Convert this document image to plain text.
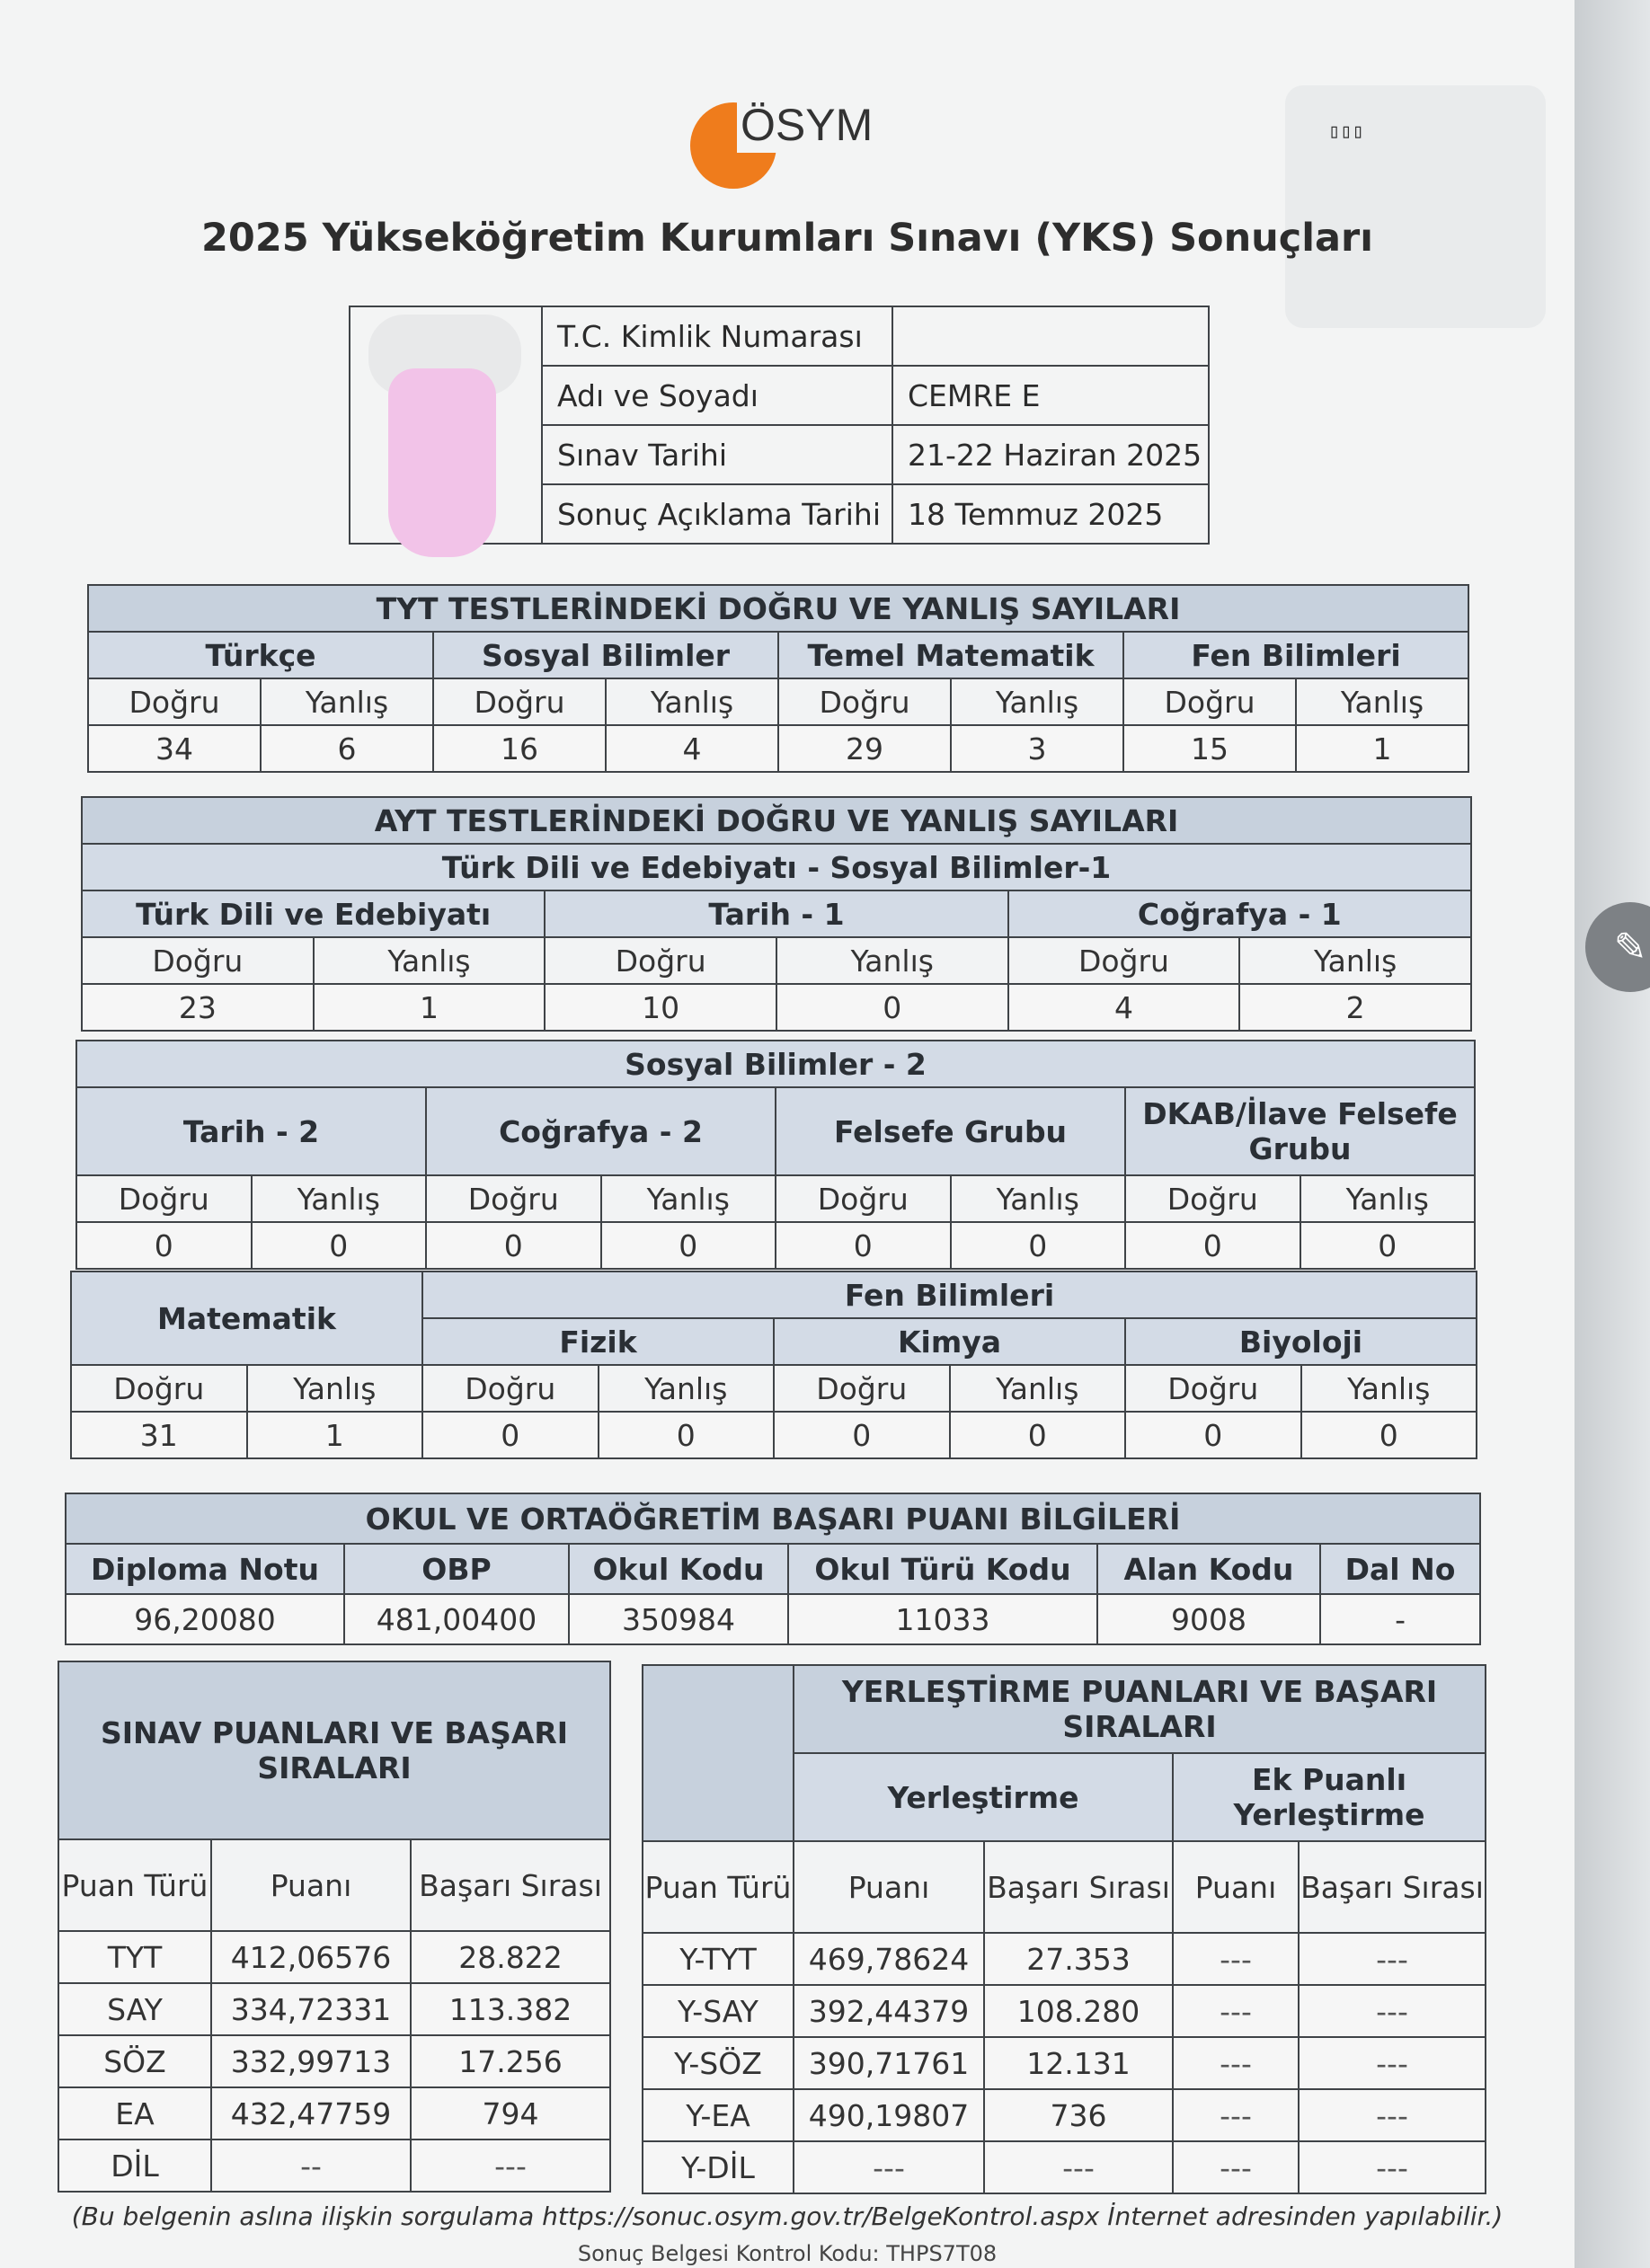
ÖSYM	▯▯▯
2025 Yükseköğretim Kurumları Sınavı (YKS) Sonuçları
	T.C. Kimlik Numarası	
	Adı ve Soyadı	CEMRE E
	Sınav Tarihi	21-22 Haziran 2025
	Sonuç Açıklama Tarihi	18 Temmuz 2025
TYT TESTLERİNDEKİ DOĞRU VE YANLIŞ SAYILARI							
Türkçe		Sosyal Bilimler		Temel Matematik		Fen Bilimleri	
Doğru	Yanlış	Doğru	Yanlış	Doğru	Yanlış	Doğru	Yanlış
34	6	16	4	29	3	15	1
AYT TESTLERİNDEKİ DOĞRU VE YANLIŞ SAYILARI					
Türk Dili ve Edebiyatı - Sosyal Bilimler-1					
Türk Dili ve Edebiyatı		Tarih - 1		Coğrafya - 1	
Doğru	Yanlış	Doğru	Yanlış	Doğru	Yanlış
23	1	10	0	4	2
Sosyal Bilimler - 2							
Tarih - 2		Coğrafya - 2		Felsefe Grubu		DKAB/İlave Felsefe Grubu	
Doğru	Yanlış	Doğru	Yanlış	Doğru	Yanlış	Doğru	Yanlış
0	0	0	0	0	0	0	0
Matematik		Fen Bilimleri					
		Fizik		Kimya		Biyoloji	
Doğru	Yanlış	Doğru	Yanlış	Doğru	Yanlış	Doğru	Yanlış
31	1	0	0	0	0	0	0
OKUL VE ORTAÖĞRETİM BAŞARI PUANI BİLGİLERİ					
Diploma Notu	OBP	Okul Kodu	Okul Türü Kodu	Alan Kodu	Dal No
96,20080	481,00400	350984	11033	9008	-
SINAV PUANLARI VE BAŞARI SIRALARI		
Puan Türü	Puanı	Başarı Sırası
TYT	412,06576	28.822
SAY	334,72331	113.382
SÖZ	332,99713	17.256
EA	432,47759	794
DİL	--	---
	YERLEŞTİRME PUANLARI VE BAŞARI SIRALARI			
	Yerleştirme		Ek Puanlı Yerleştirme	
Puan Türü	Puanı	Başarı Sırası	Puanı	Başarı Sırası
Y-TYT	469,78624	27.353	---	---
Y-SAY	392,44379	108.280	---	---
Y-SÖZ	390,71761	12.131	---	---
Y-EA	490,19807	736	---	---
Y-DİL	---	---	---	---
(Bu belgenin aslına ilişkin sorgulama https://sonuc.osym.gov.tr/BelgeKontrol.aspx İnternet adresinden yapılabilir.)
Sonuç Belgesi Kontrol Kodu: THPS7T08
✎
